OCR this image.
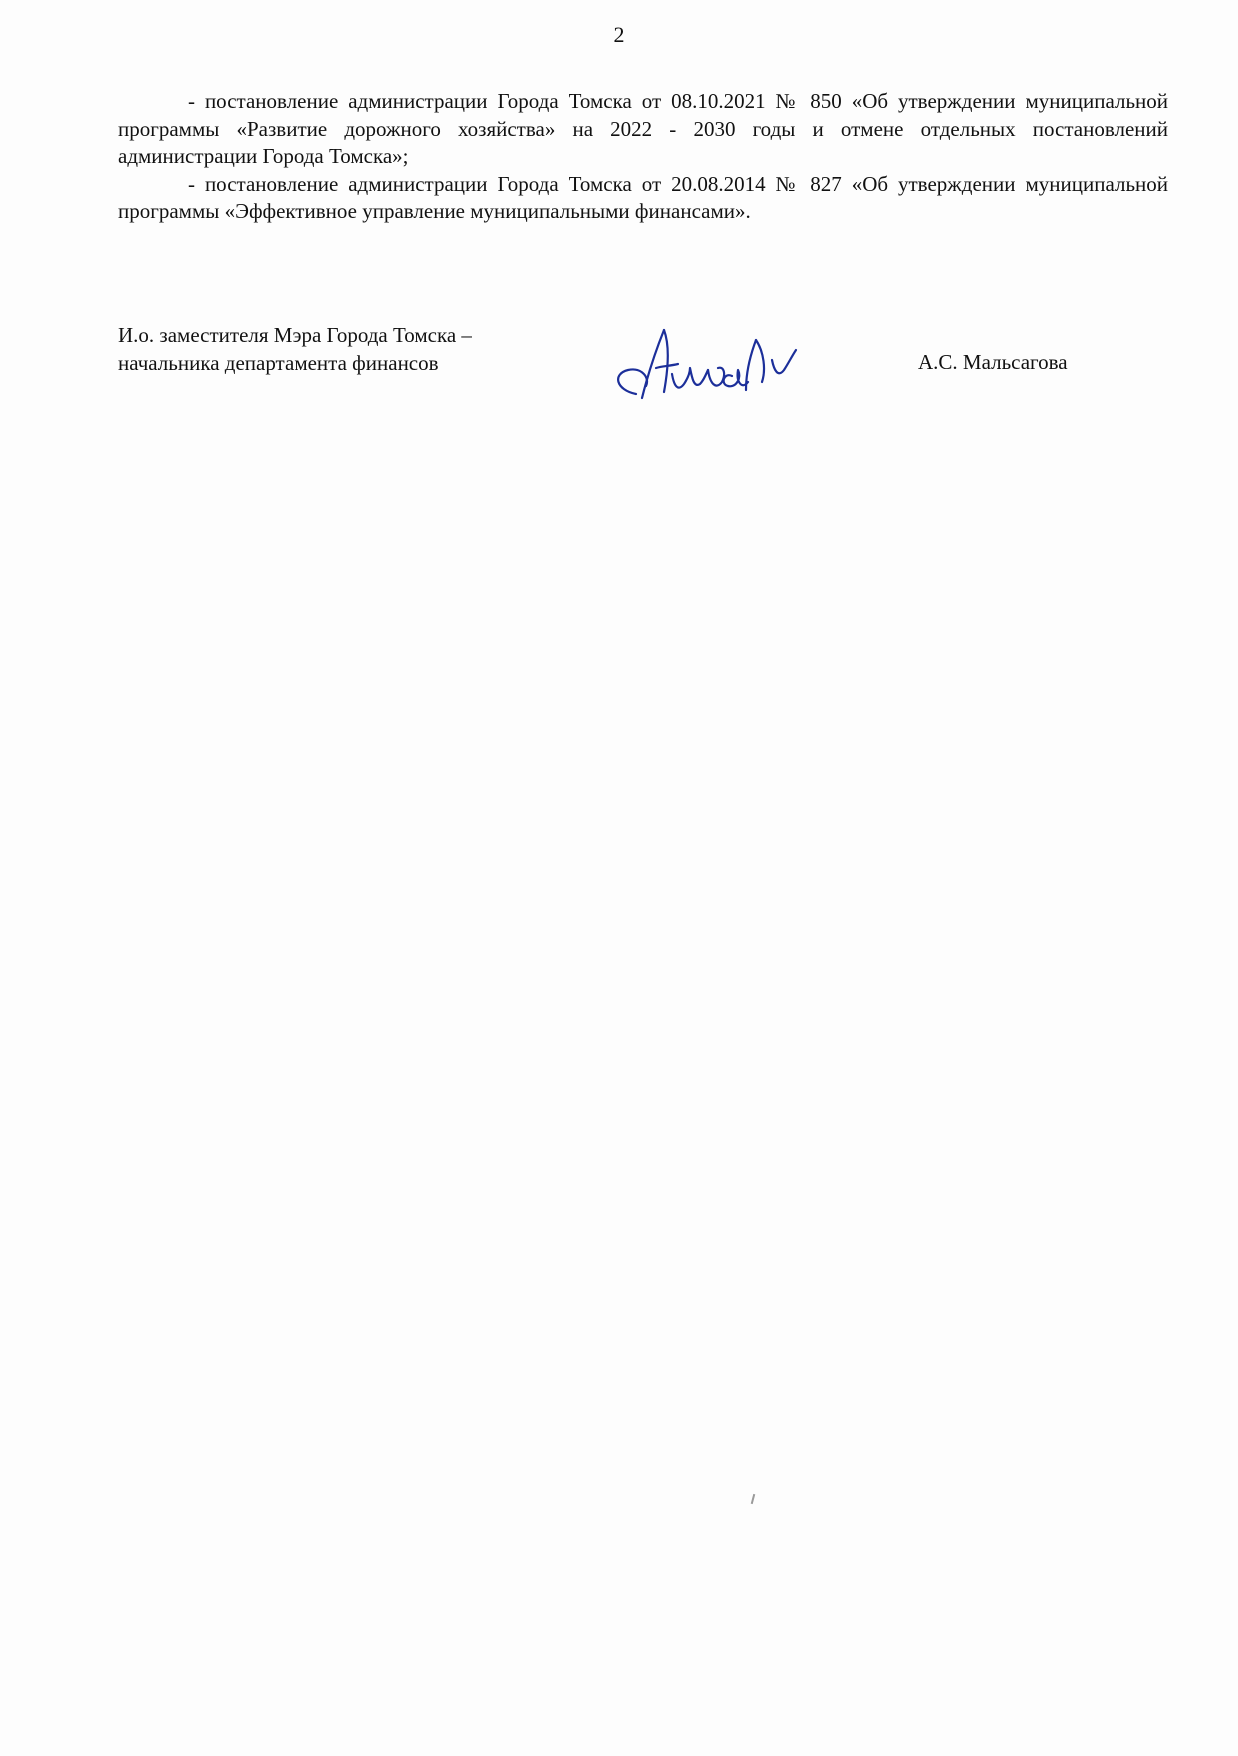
2

- постановление администрации Города Томска от 08.10.2021 № 850 «Об утверждении муниципальной программы «Развитие дорожного хозяйства» на 2022 - 2030 годы и отмене отдельных постановлений администрации Города Томска»;

- постановление администрации Города Томска от 20.08.2014 № 827 «Об утверждении муниципальной программы «Эффективное управление муниципальными финансами».

И.о. заместителя Мэра Города Томска –
начальника департамента финансов	А.С. Мальсагова
